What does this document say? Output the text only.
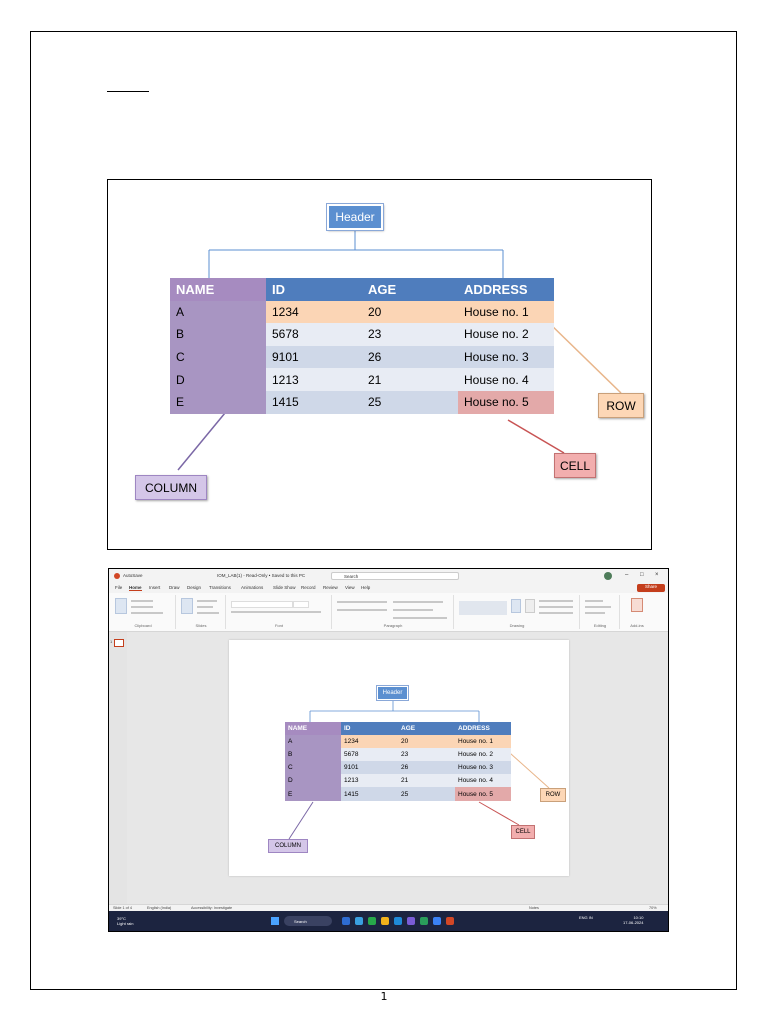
Header
NAME	ID	AGE	ADDRESS
A	1234	20	House no. 1
B	5678	23	House no. 2
C	9101	26	House no. 3
D	1213	21	House no. 4
E	1415	25	House no. 5	ROW
CELL
COLUMN
AutoSave	IOM_LAB(1) - Read-Only • Saved to this PC	Search	– □ ×
File Home Insert Draw Design Transitions Animations Slide Show Record Review View Help	Share
Clipboard	Slides	Font	Paragraph	Drawing	Editing	Add-ins
1
Header
NAME	ID	AGE	ADDRESS
A	1234	20	House no. 1
B	5678	23	House no. 2
C	9101	26	House no. 3
D	1213	21	House no. 4
E	1415	25	House no. 5	ROW
CELL
COLUMN
Slide 1 of 4	English (India)	Accessibility: Investigate	Notes	70%
39°C
Light rain	Search
ENG IN	10:10
17-06-2024
1
